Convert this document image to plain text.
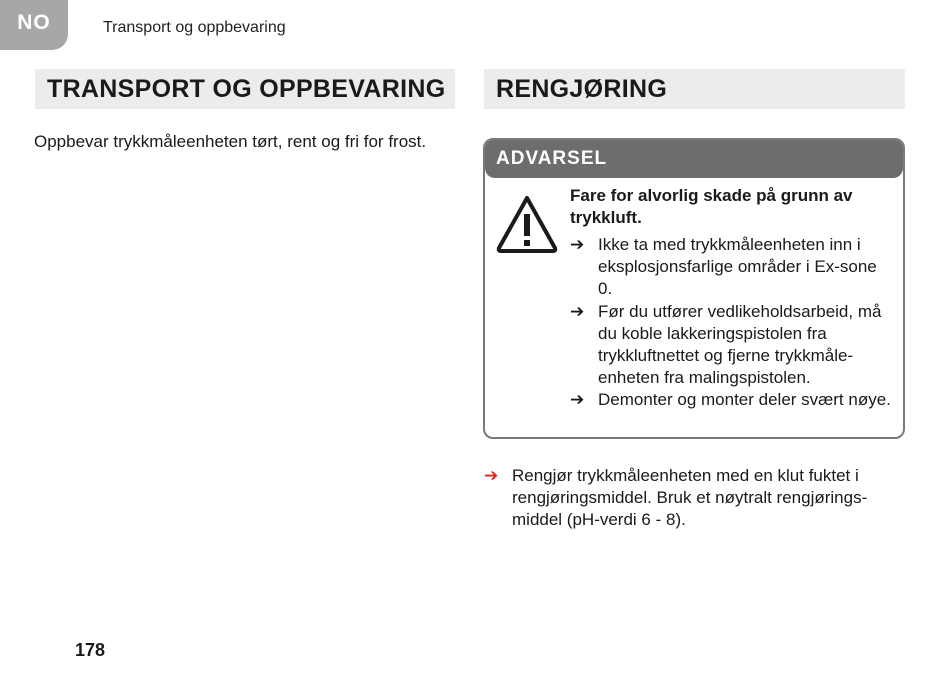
NO	Transport og oppbevaring
TRANSPORT OG OPPBEVARING
Oppbevar trykkmåleenheten tørt, rent og fri for frost.
RENGJØRING
ADVARSEL
Fare for alvorlig skade på grunn av trykkluft.
➔ Ikke ta med trykkmåleenheten inn i eksplosjonsfarlige områder i Ex-sone 0.
➔ Før du utfører vedlikeholdsarbeid, må du koble lakkeringspistolen fra trykkluftnettet og fjerne trykkmåle-enheten fra malingspistolen.
➔ Demonter og monter deler svært nøye.
➔ Rengjør trykkmåleenheten med en klut fuktet i rengjøringsmiddel. Bruk et nøytralt rengjørings-middel (pH-verdi 6 - 8).
178
